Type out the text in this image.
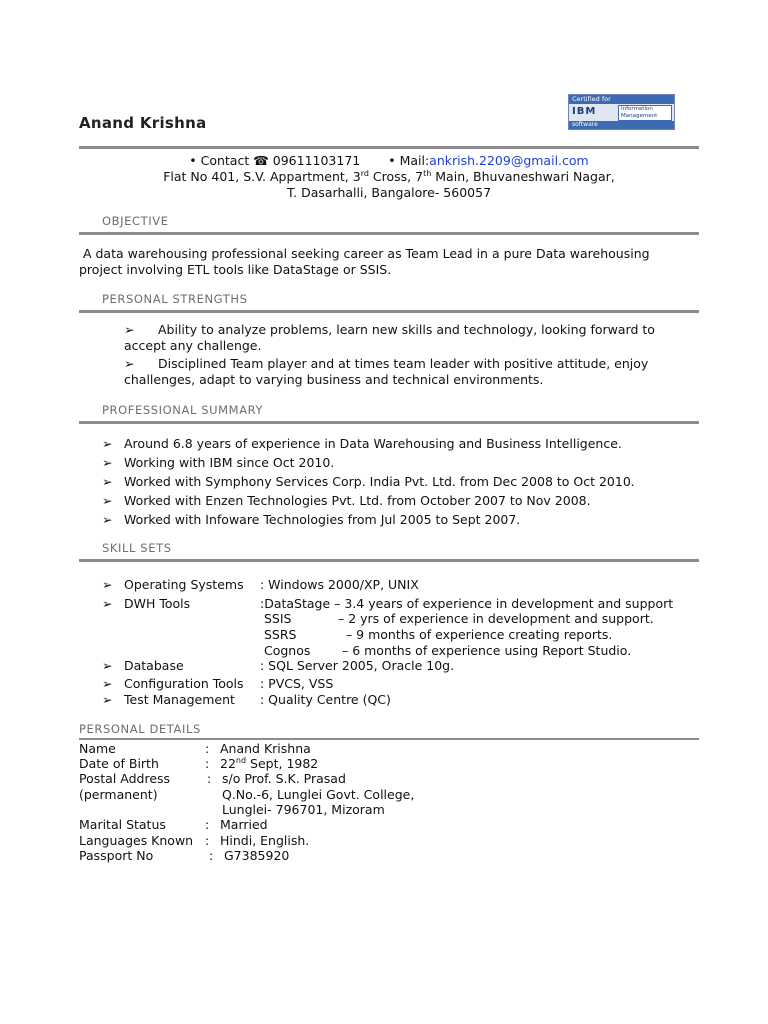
Anand Krishna
Certified for
IBM	Information
Management
software
• Contact ☎ 09611103171 • Mail:ankrish.2209@gmail.com
Flat No 401, S.V. Appartment, 3rd Cross, 7th Main, Bhuvaneshwari Nagar,
T. Dasarhalli, Bangalore- 560057
OBJECTIVE
A data warehousing professional seeking career as Team Lead in a pure Data warehousing
project involving ETL tools like DataStage or SSIS.
PERSONAL STRENGTHS
➢ Ability to analyze problems, learn new skills and technology, looking forward to
accept any challenge.
➢ Disciplined Team player and at times team leader with positive attitude, enjoy
challenges, adapt to varying business and technical environments.
PROFESSIONAL SUMMARY
➢ Around 6.8 years of experience in Data Warehousing and Business Intelligence.
➢ Working with IBM since Oct 2010.
➢ Worked with Symphony Services Corp. India Pvt. Ltd. from Dec 2008 to Oct 2010.
➢ Worked with Enzen Technologies Pvt. Ltd. from October 2007 to Nov 2008.
➢ Worked with Infoware Technologies from Jul 2005 to Sept 2007.
SKILL SETS
➢ Operating Systems : Windows 2000/XP, UNIX
➢ DWH Tools	:DataStage – 3.4 years of experience in development and support
SSIS	– 2 yrs of experience in development and support.
SSRS	– 9 months of experience creating reports.
Cognos – 6 months of experience using Report Studio.
➢ Database	: SQL Server 2005, Oracle 10g.
➢ Configuration Tools : PVCS, VSS
➢ Test Management : Quality Centre (QC)
PERSONAL DETAILS
Name	: Anand Krishna
Date of Birth	: 22nd Sept, 1982
Postal Address	: s/o Prof. S.K. Prasad
(permanent)	Q.No.-6, Lunglei Govt. College,
Lunglei- 796701, Mizoram
Marital Status	: Married
Languages Known : Hindi, English.
Passport No	: G7385920
